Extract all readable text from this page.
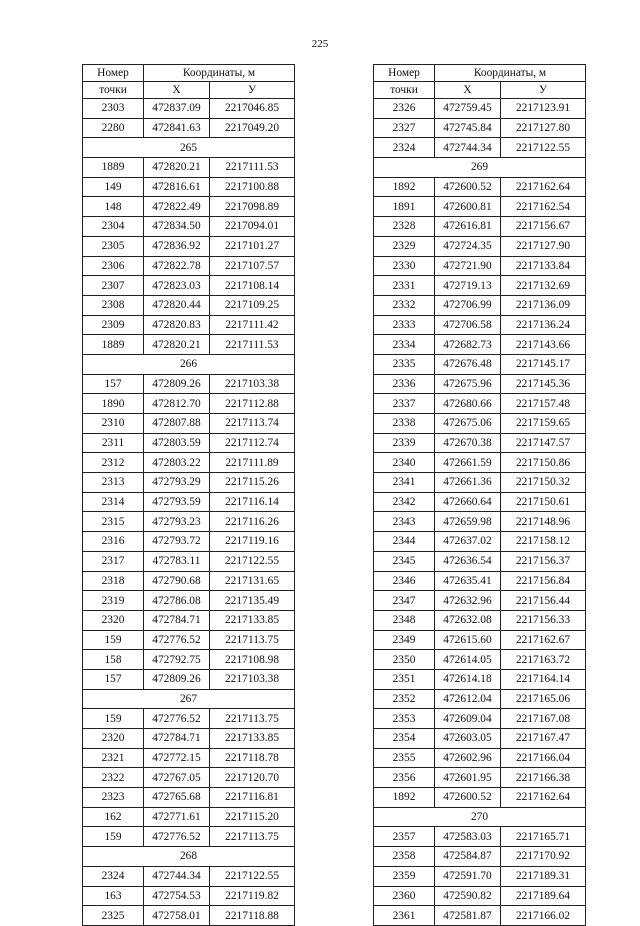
225
Номер	Координаты, м	
точки	Х	У
2303	472837.09	2217046.85
2280	472841.63	2217049.20
265		
1889	472820.21	2217111.53
149	472816.61	2217100.88
148	472822.49	2217098.89
2304	472834.50	2217094.01
2305	472836.92	2217101.27
2306	472822.78	2217107.57
2307	472823.03	2217108.14
2308	472820.44	2217109.25
2309	472820.83	2217111.42
1889	472820.21	2217111.53
266		
157	472809.26	2217103.38
1890	472812.70	2217112.88
2310	472807.88	2217113.74
2311	472803.59	2217112.74
2312	472803.22	2217111.89
2313	472793.29	2217115.26
2314	472793.59	2217116.14
2315	472793.23	2217116.26
2316	472793.72	2217119.16
2317	472783.11	2217122.55
2318	472790.68	2217131.65
2319	472786.08	2217135.49
2320	472784.71	2217133.85
159	472776.52	2217113.75
158	472792.75	2217108.98
157	472809.26	2217103.38
267		
159	472776.52	2217113.75
2320	472784.71	2217133.85
2321	472772.15	2217118.78
2322	472767.05	2217120.70
2323	472765.68	2217116.81
162	472771.61	2217115.20
159	472776.52	2217113.75
268		
2324	472744.34	2217122.55
163	472754.53	2217119.82
2325	472758.01	2217118.88
Номер	Координаты, м	
точки	Х	У
2326	472759.45	2217123.91
2327	472745.84	2217127.80
2324	472744.34	2217122.55
269		
1892	472600.52	2217162.64
1891	472600.81	2217162.54
2328	472616.81	2217156.67
2329	472724.35	2217127.90
2330	472721.90	2217133.84
2331	472719.13	2217132.69
2332	472706.99	2217136.09
2333	472706.58	2217136.24
2334	472682.73	2217143.66
2335	472676.48	2217145.17
2336	472675.96	2217145.36
2337	472680.66	2217157.48
2338	472675.06	2217159.65
2339	472670.38	2217147.57
2340	472661.59	2217150.86
2341	472661.36	2217150.32
2342	472660.64	2217150.61
2343	472659.98	2217148.96
2344	472637.02	2217158.12
2345	472636.54	2217156.37
2346	472635.41	2217156.84
2347	472632.96	2217156.44
2348	472632.08	2217156.33
2349	472615.60	2217162.67
2350	472614.05	2217163.72
2351	472614.18	2217164.14
2352	472612.04	2217165.06
2353	472609.04	2217167.08
2354	472603.05	2217167.47
2355	472602.96	2217166.04
2356	472601.95	2217166.38
1892	472600.52	2217162.64
270		
2357	472583.03	2217165.71
2358	472584.87	2217170.92
2359	472591.70	2217189.31
2360	472590.82	2217189.64
2361	472581.87	2217166.02
